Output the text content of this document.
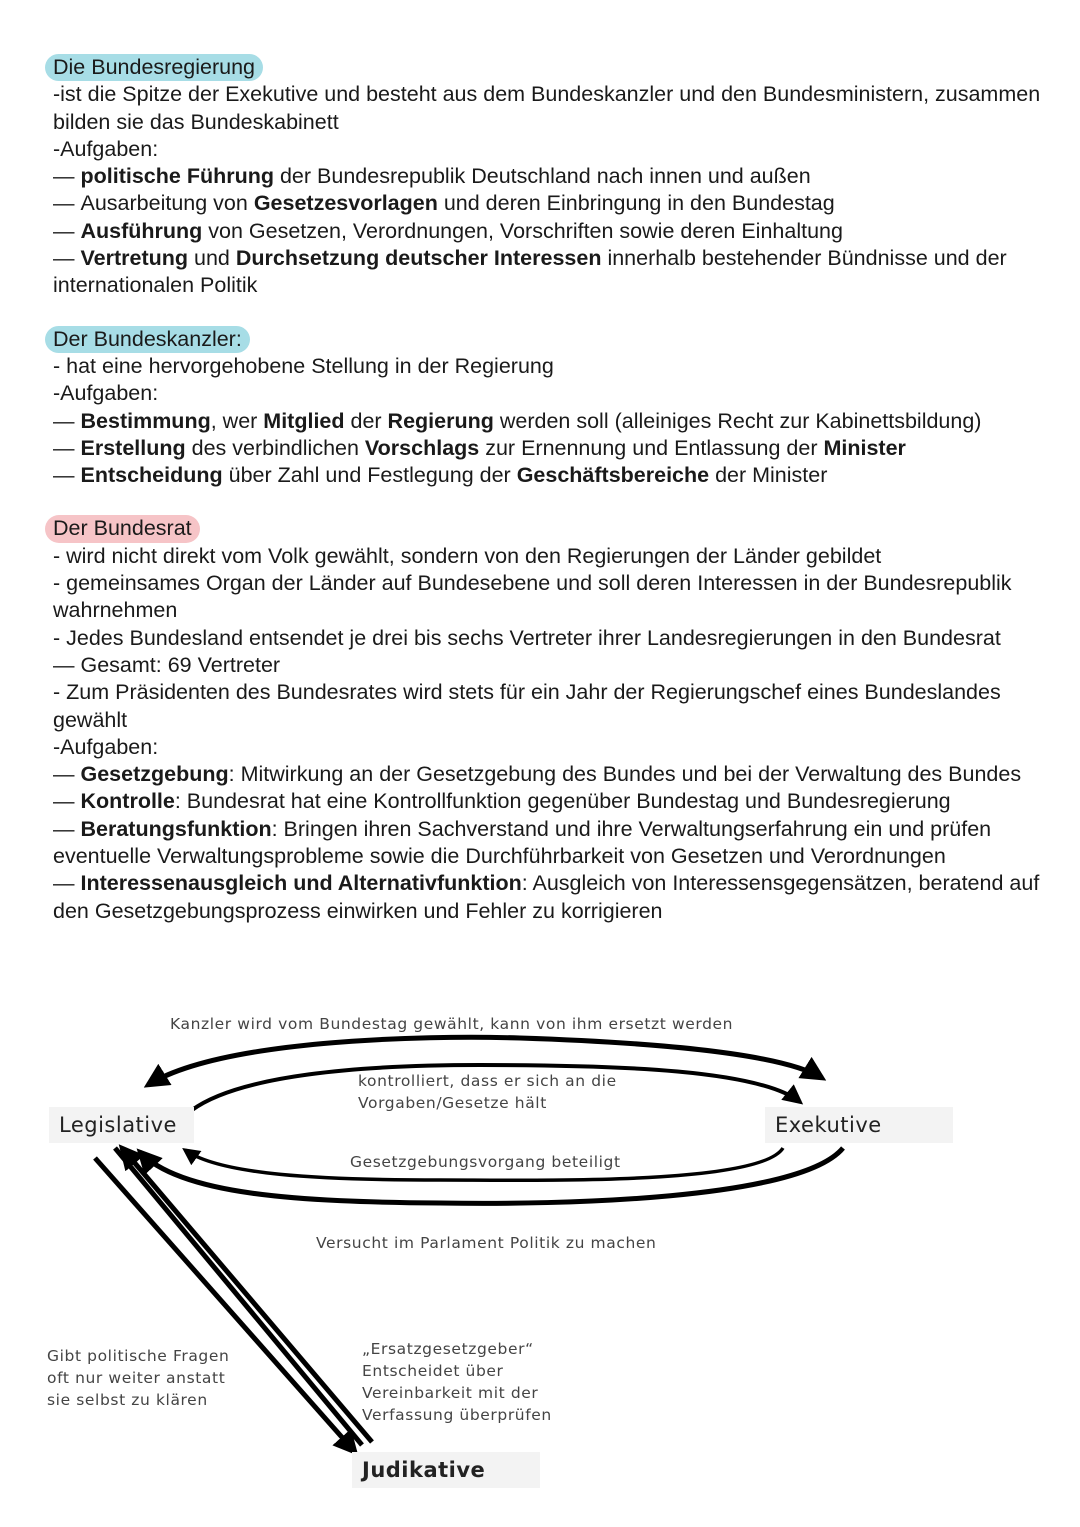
Die Bundesregierung

-ist die Spitze der Exekutive und besteht aus dem Bundeskanzler und den Bundesministern, zusammen bilden sie das Bundeskabinett

-Aufgaben:

— politische Führung der Bundesrepublik Deutschland nach innen und außen

— Ausarbeitung von Gesetzesvorlagen und deren Einbringung in den Bundestag

— Ausführung von Gesetzen, Verordnungen, Vorschriften sowie deren Einhaltung

— Vertretung und Durchsetzung deutscher Interessen innerhalb bestehender Bündnisse und der internationalen Politik

Der Bundeskanzler:

- hat eine hervorgehobene Stellung in der Regierung

-Aufgaben:

— Bestimmung, wer Mitglied der Regierung werden soll (alleiniges Recht zur Kabinettsbildung)

— Erstellung des verbindlichen Vorschlags zur Ernennung und Entlassung der Minister

— Entscheidung über Zahl und Festlegung der Geschäftsbereiche der Minister

Der Bundesrat

- wird nicht direkt vom Volk gewählt, sondern von den Regierungen der Länder gebildet

- gemeinsames Organ der Länder auf Bundesebene und soll deren Interessen in der Bundesrepublik wahrnehmen

- Jedes Bundesland entsendet je drei bis sechs Vertreter ihrer Landesregierungen in den Bundesrat

— Gesamt: 69 Vertreter

- Zum Präsidenten des Bundesrates wird stets für ein Jahr der Regierungschef eines Bundeslandes gewählt

-Aufgaben:

— Gesetzgebung: Mitwirkung an der Gesetzgebung des Bundes und bei der Verwaltung des Bundes

— Kontrolle: Bundesrat hat eine Kontrollfunktion gegenüber Bundestag und Bundesregierung

— Beratungsfunktion: Bringen ihren Sachverstand und ihre Verwaltungserfahrung ein und prüfen eventuelle Verwaltungsprobleme sowie die Durchführbarkeit von Gesetzen und Verordnungen

— Interessenausgleich und Alternativfunktion: Ausgleich von Interessensgegensätzen, beratend auf den Gesetzgebungsprozess einwirken und Fehler zu korrigieren

Kanzler wird vom Bundestag gewählt, kann von ihm ersetzt werden
kontrolliert, dass er sich an die
Vorgaben/Gesetze hält
Legislative	Exekutive
Gesetzgebungsvorgang beteiligt
Versucht im Parlament Politik zu machen
Gibt politische Fragen
oft nur weiter anstatt
sie selbst zu klären
„Ersatzgesetzgeber“
Entscheidet über
Vereinbarkeit mit der
Verfassung überprüfen
Judikative
